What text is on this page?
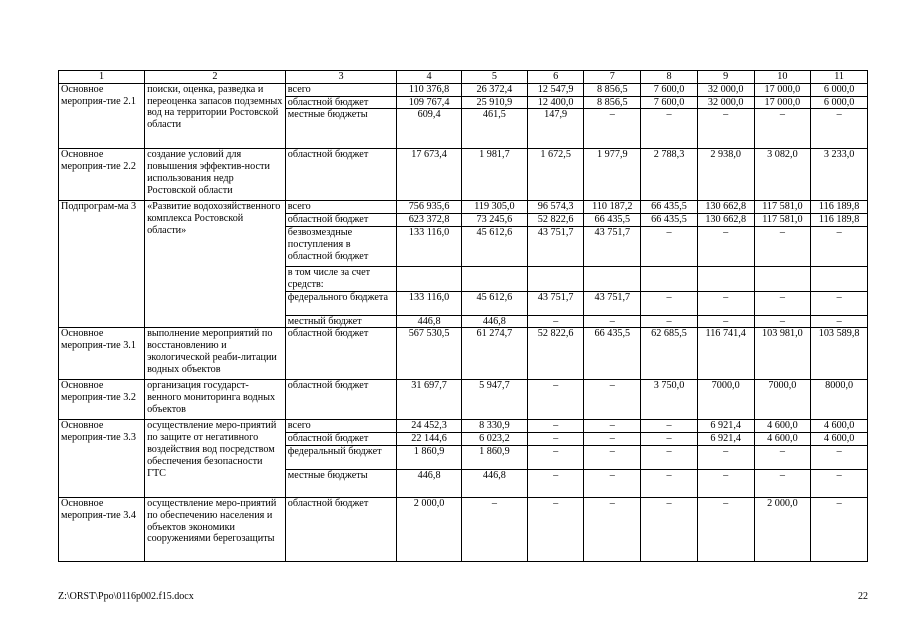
1	2	3	4	5	6	7	8	9	10	11
Основное мероприя-тие 2.1	поиски, оценка, разведка и переоценка запасов подземных вод на территории Ростовской области	всего	110 376,8	26 372,4	12 547,9	8 856,5	7 600,0	32 000,0	17 000,0	6 000,0
		областной бюджет	109 767,4	25 910,9	12 400,0	8 856,5	7 600,0	32 000,0	17 000,0	6 000,0
		местные бюджеты	609,4	461,5	147,9	–	–	–	–	–
Основное мероприя-тие 2.2	создание условий для повышения эффектив-ности использования недр Ростовской области	областной бюджет	17 673,4	1 981,7	1 672,5	1 977,9	2 788,3	2 938,0	3 082,0	3 233,0
Подпрограм-ма 3	«Развитие водохозяйственного комплекса Ростовской области»	всего	756 935,6	119 305,0	96 574,3	110 187,2	66 435,5	130 662,8	117 581,0	116 189,8
		областной бюджет	623 372,8	73 245,6	52 822,6	66 435,5	66 435,5	130 662,8	117 581,0	116 189,8
		безвозмездные поступления в областной бюджет	133 116,0	45 612,6	43 751,7	43 751,7	–	–	–	–
		в том числе за счет средств:								
		федерального бюджета	133 116,0	45 612,6	43 751,7	43 751,7	–	–	–	–
		местный бюджет	446,8	446,8	–	–	–	–	–	–
Основное мероприя-тие 3.1	выполнение мероприятий по восстановлению и экологической реаби-литации водных объектов	областной бюджет	567 530,5	61 274,7	52 822,6	66 435,5	62 685,5	116 741,4	103 981,0	103 589,8
Основное мероприя-тие 3.2	организация государст-венного мониторинга водных объектов	областной бюджет	31 697,7	5 947,7	–	–	3 750,0	7000,0	7000,0	8000,0
Основное мероприя-тие 3.3	осуществление меро-приятий по защите от негативного воздействия вод посредством обеспечения безопасности ГТС	всего	24 452,3	8 330,9	–	–	–	6 921,4	4 600,0	4 600,0
		областной бюджет	22 144,6	6 023,2	–	–	–	6 921,4	4 600,0	4 600,0
		федеральный бюджет	1 860,9	1 860,9	–	–	–	–	–	–
		местные бюджеты	446,8	446,8	–	–	–	–	–	–
Основное мероприя-тие 3.4	осуществление меро-приятий по обеспечению населения и объектов экономики сооружениями берегозащиты	областной бюджет	2 000,0	–	–	–	–	–	2 000,0	–
Z:\ORST\Ppo\0116p002.f15.docx	22
